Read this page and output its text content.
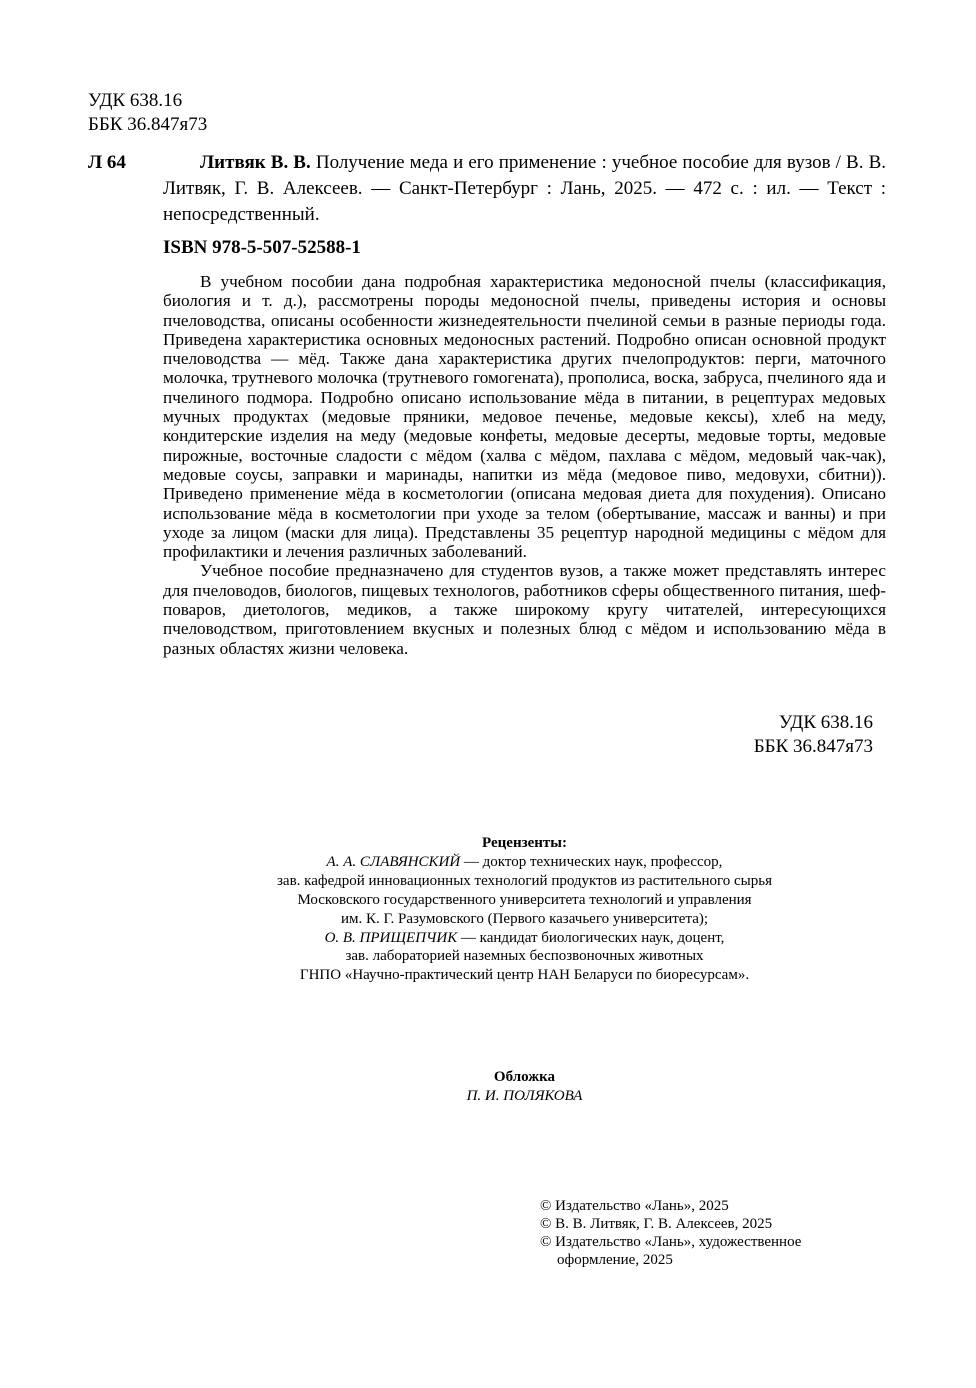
УДК 638.16
ББК 36.847я73
Л 64	Литвяк В. В. Получение меда и его применение : учебное пособие для вузов / В. В. Литвяк, Г. В. Алексеев. — Санкт-Петербург : Лань, 2025. — 472 с. : ил. — Текст : непосредственный.

ISBN 978-5-507-52588-1

В учебном пособии дана подробная характеристика медоносной пчелы (классификация, биология и т. д.), рассмотрены породы медоносной пчелы, приведены история и основы пчеловодства, описаны особенности жизнедеятельности пчелиной семьи в разные периоды года. Приведена характеристика основных медоносных растений. Подробно описан основной продукт пчеловодства — мёд. Также дана характеристика других пчелопродуктов: перги, маточного молочка, трутневого молочка (трутневого гомогената), прополиса, воска, забруса, пчелиного яда и пчелиного подмора. Подробно описано использование мёда в питании, в рецептурах медовых мучных продуктах (медовые пряники, медовое печенье, медовые кексы), хлеб на меду, кондитерские изделия на меду (медовые конфеты, медовые десерты, медовые торты, медовые пирожные, восточные сладости с мёдом (халва с мёдом, пахлава с мёдом, медовый чак-чак), медовые соусы, заправки и маринады, напитки из мёда (медовое пиво, медовухи, сбитни)). Приведено применение мёда в косметологии (описана медовая диета для похудения). Описано использование мёда в косметологии при уходе за телом (обертывание, массаж и ванны) и при уходе за лицом (маски для лица). Представлены 35 рецептур народной медицины с мёдом для профилактики и лечения различных заболеваний.

Учебное пособие предназначено для студентов вузов, а также может представлять интерес для пчеловодов, биологов, пищевых технологов, работников сферы общественного питания, шеф-поваров, диетологов, медиков, а также широкому кругу читателей, интересующихся пчеловодством, приготовлением вкусных и полезных блюд с мёдом и использованию мёда в разных областях жизни человека.

УДК 638.16
ББК 36.847я73
Рецензенты:
А. А. СЛАВЯНСКИЙ — доктор технических наук, профессор,
зав. кафедрой инновационных технологий продуктов из растительного сырья
Московского государственного университета технологий и управления
им. К. Г. Разумовского (Первого казачьего университета);
О. В. ПРИЩЕПЧИК — кандидат биологических наук, доцент,
зав. лабораторией наземных беспозвоночных животных
ГНПО «Научно-практический центр НАН Беларуси по биоресурсам».
Обложка
П. И. ПОЛЯКОВА
© Издательство «Лань», 2025
© В. В. Литвяк, Г. В. Алексеев, 2025
© Издательство «Лань», художественное
оформление, 2025
